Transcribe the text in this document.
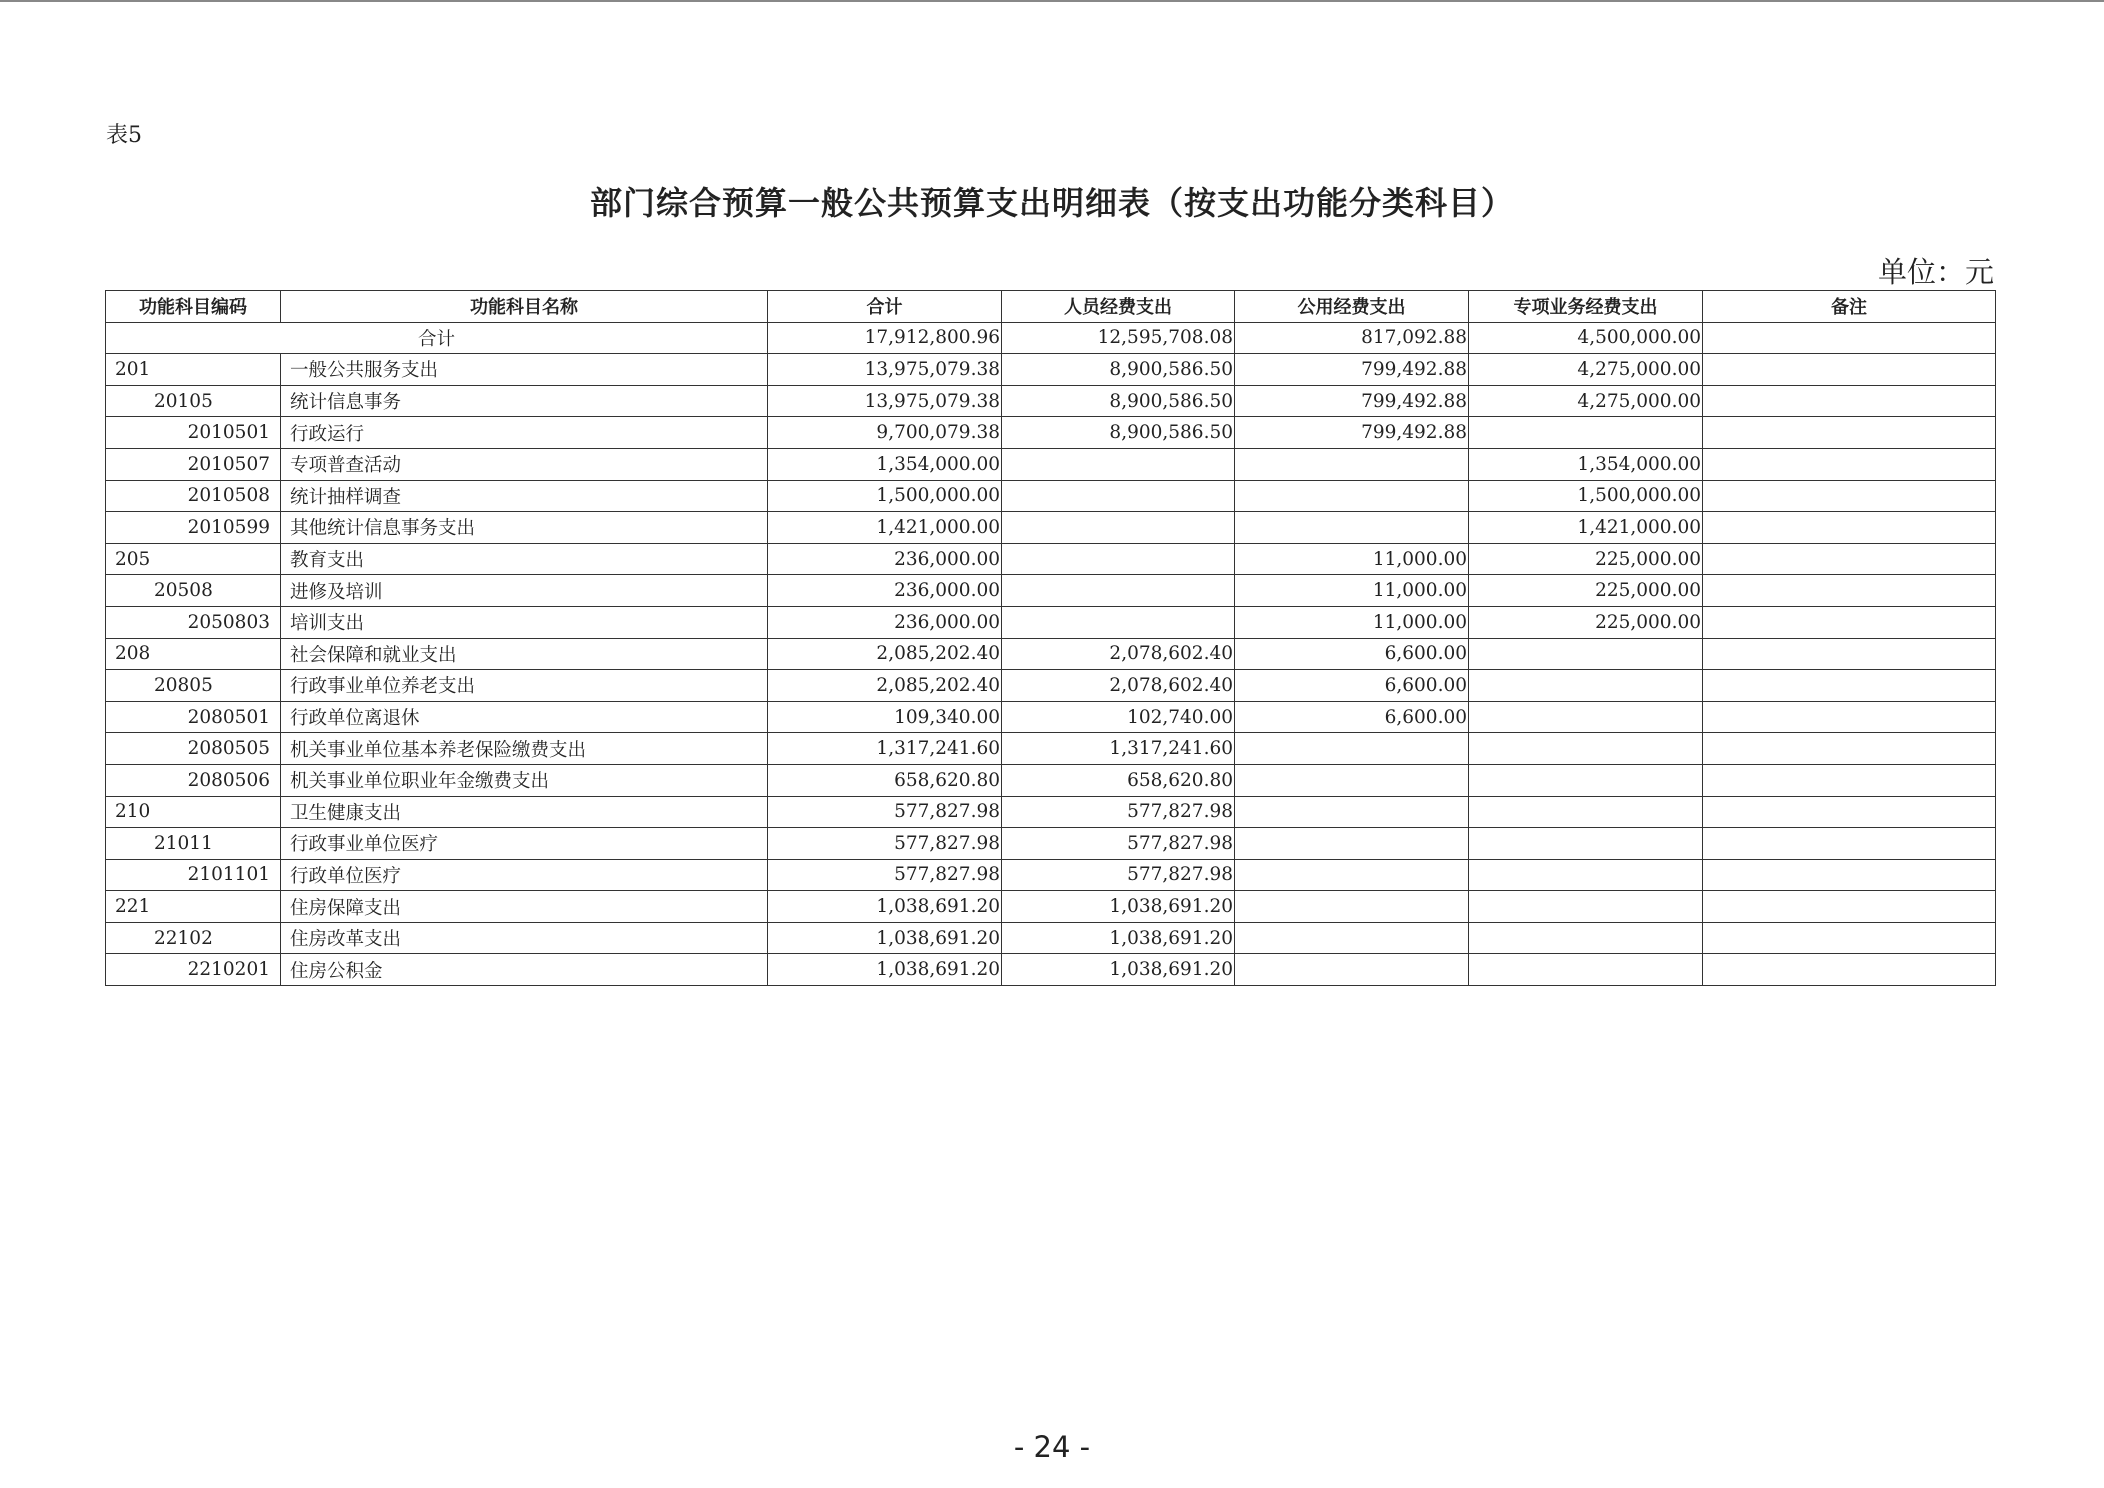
表5
部门综合预算一般公共预算支出明细表（按支出功能分类科目）
单位：元
功能科目编码	功能科目名称	合计	人员经费支出	公用经费支出	专项业务经费支出	备注
合计		17,912,800.96	12,595,708.08	817,092.88	4,500,000.00	
201	一般公共服务支出	13,975,079.38	8,900,586.50	799,492.88	4,275,000.00	
20105	统计信息事务	13,975,079.38	8,900,586.50	799,492.88	4,275,000.00	
2010501	行政运行	9,700,079.38	8,900,586.50	799,492.88		
2010507	专项普查活动	1,354,000.00			1,354,000.00	
2010508	统计抽样调查	1,500,000.00			1,500,000.00	
2010599	其他统计信息事务支出	1,421,000.00			1,421,000.00	
205	教育支出	236,000.00		11,000.00	225,000.00	
20508	进修及培训	236,000.00		11,000.00	225,000.00	
2050803	培训支出	236,000.00		11,000.00	225,000.00	
208	社会保障和就业支出	2,085,202.40	2,078,602.40	6,600.00		
20805	行政事业单位养老支出	2,085,202.40	2,078,602.40	6,600.00		
2080501	行政单位离退休	109,340.00	102,740.00	6,600.00		
2080505	机关事业单位基本养老保险缴费支出	1,317,241.60	1,317,241.60			
2080506	机关事业单位职业年金缴费支出	658,620.80	658,620.80			
210	卫生健康支出	577,827.98	577,827.98			
21011	行政事业单位医疗	577,827.98	577,827.98			
2101101	行政单位医疗	577,827.98	577,827.98			
221	住房保障支出	1,038,691.20	1,038,691.20			
22102	住房改革支出	1,038,691.20	1,038,691.20			
2210201	住房公积金	1,038,691.20	1,038,691.20			
- 24 -
